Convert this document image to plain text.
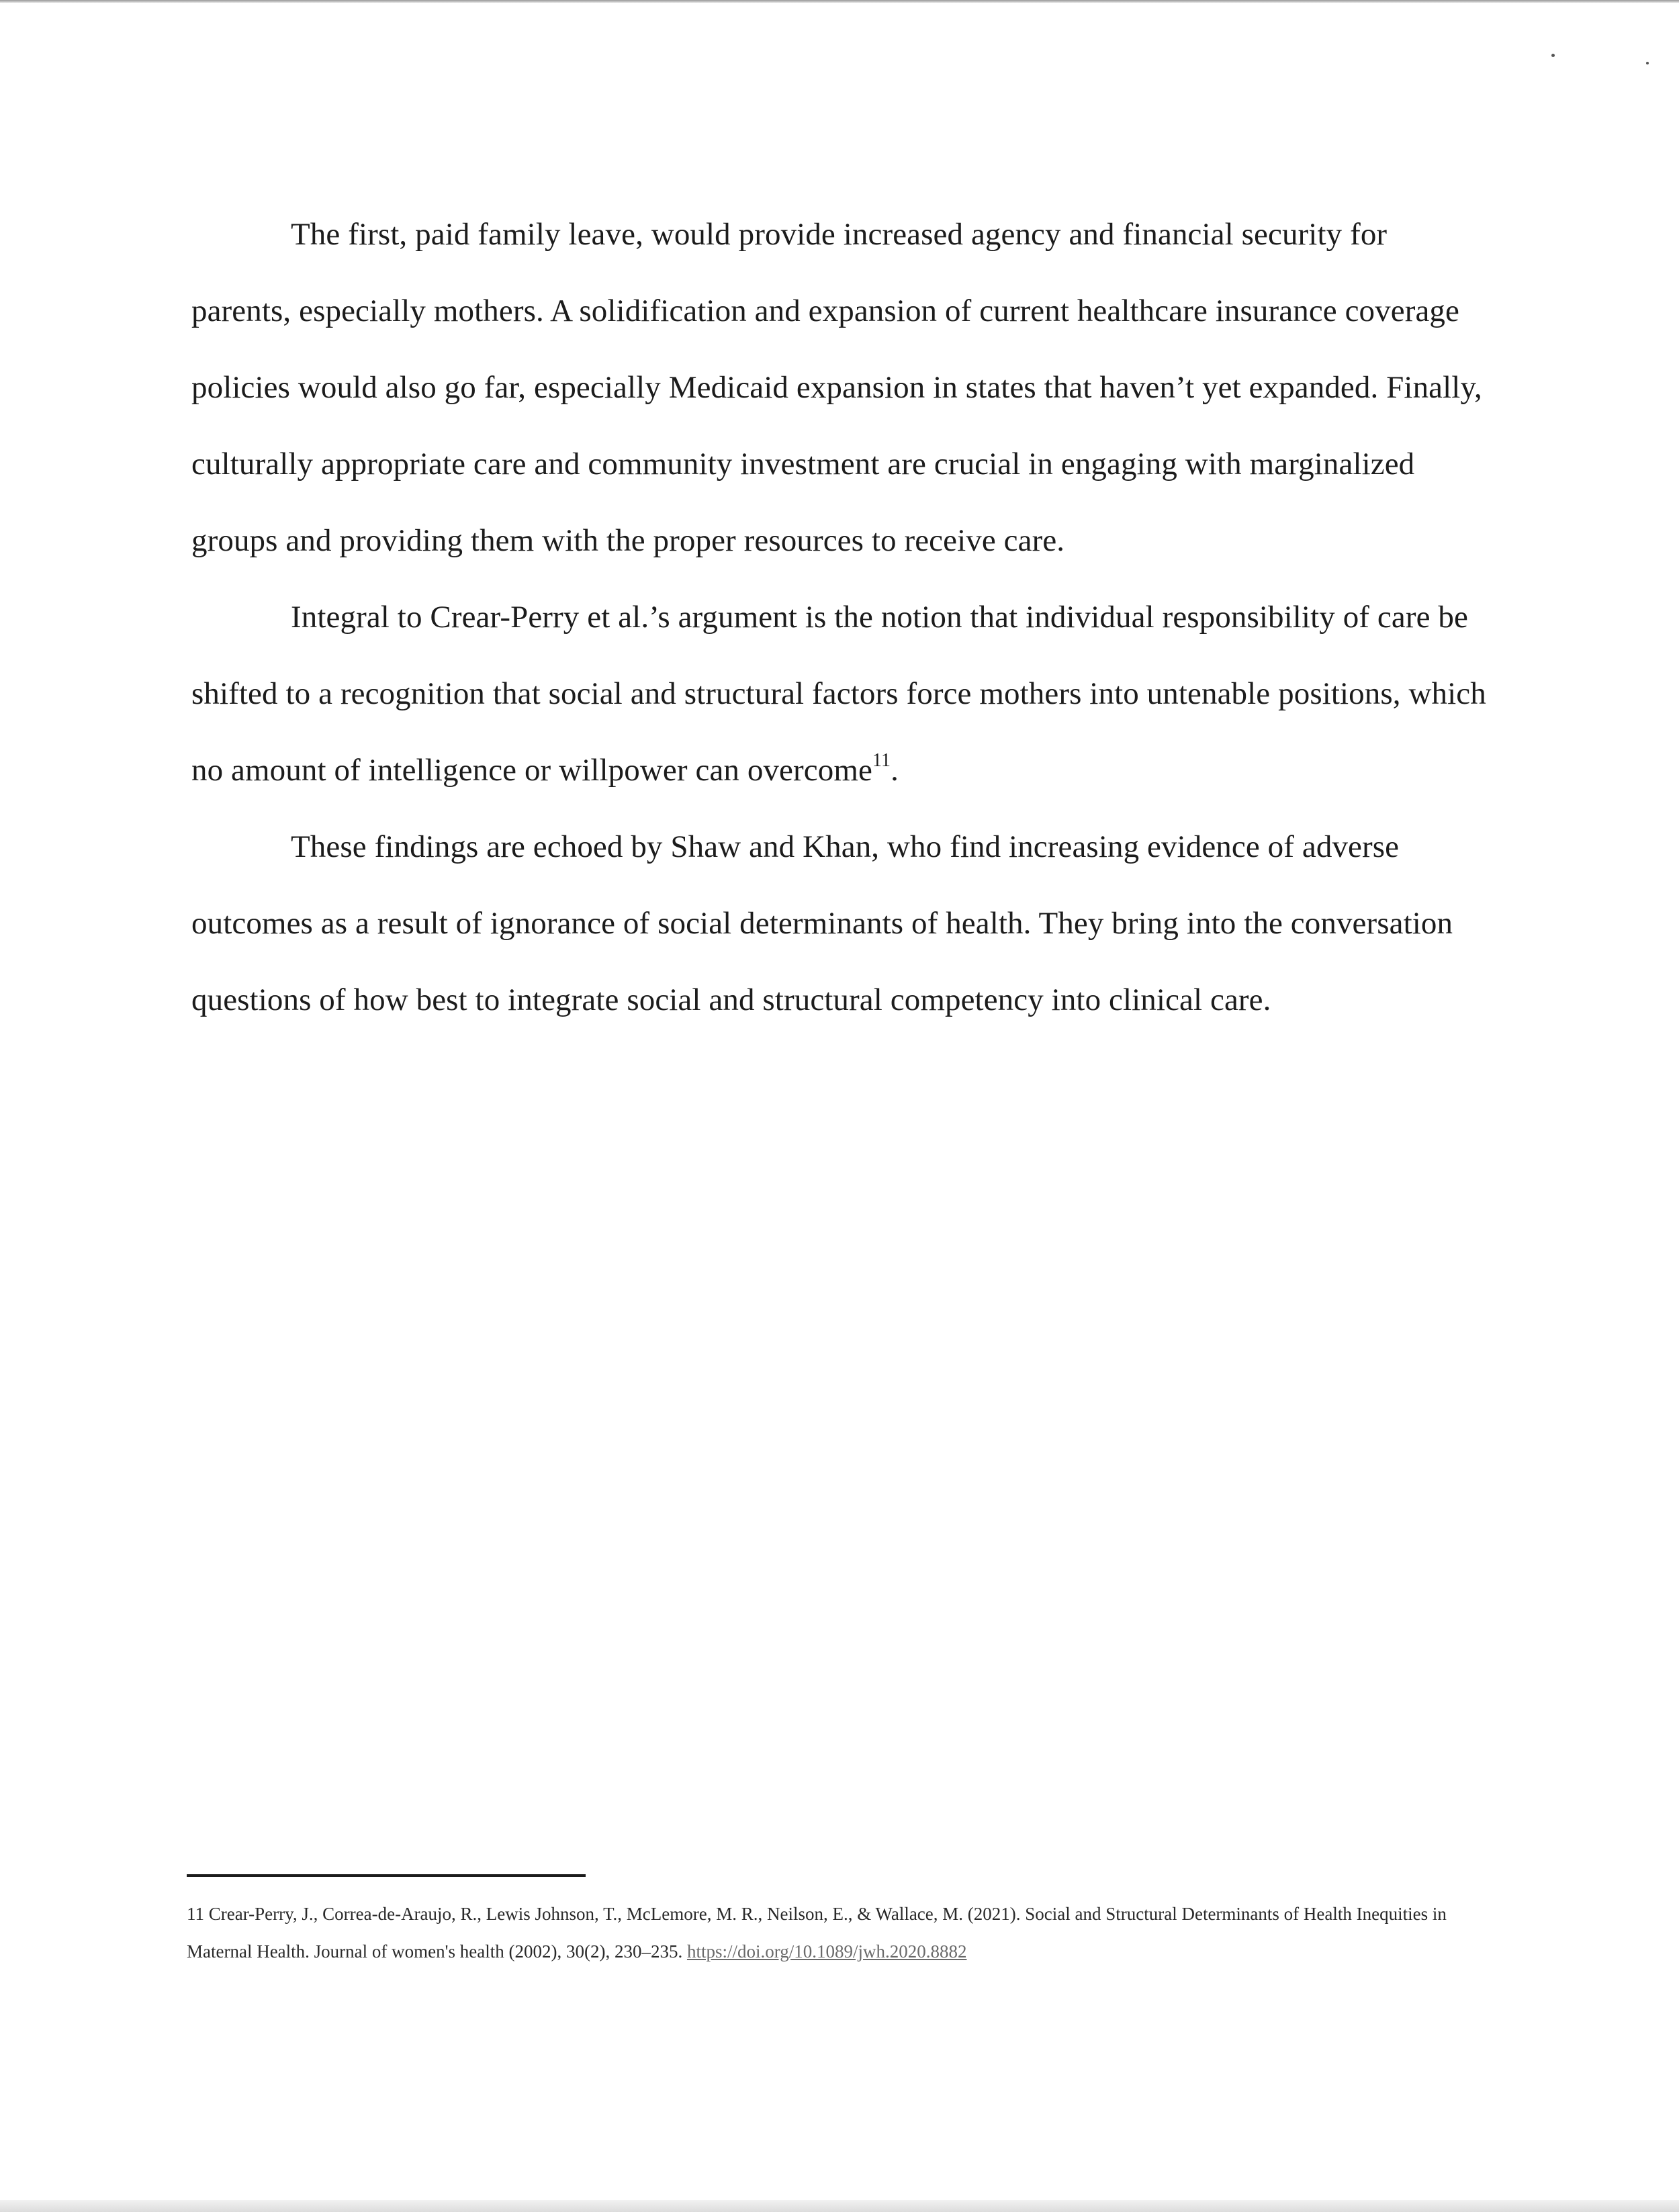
The first, paid family leave, would provide increased agency and financial security for parents, especially mothers. A solidification and expansion of current healthcare insurance coverage policies would also go far, especially Medicaid expansion in states that haven’t yet expanded. Finally, culturally appropriate care and community investment are crucial in engaging with marginalized groups and providing them with the proper resources to receive care.

Integral to Crear-Perry et al.’s argument is the notion that individual responsibility of care be shifted to a recognition that social and structural factors force mothers into untenable positions, which no amount of intelligence or willpower can overcome$^{11}$.

These findings are echoed by Shaw and Khan, who find increasing evidence of adverse outcomes as a result of ignorance of social determinants of health. They bring into the conversation questions of how best to integrate social and structural competency into clinical care.

11 Crear-Perry, J., Correa-de-Araujo, R., Lewis Johnson, T., McLemore, M. R., Neilson, E., & Wallace, M. (2021). Social and Structural Determinants of Health Inequities in Maternal Health. Journal of women's health (2002), 30(2), 230–235. https://doi.org/10.1089/jwh.2020.8882
